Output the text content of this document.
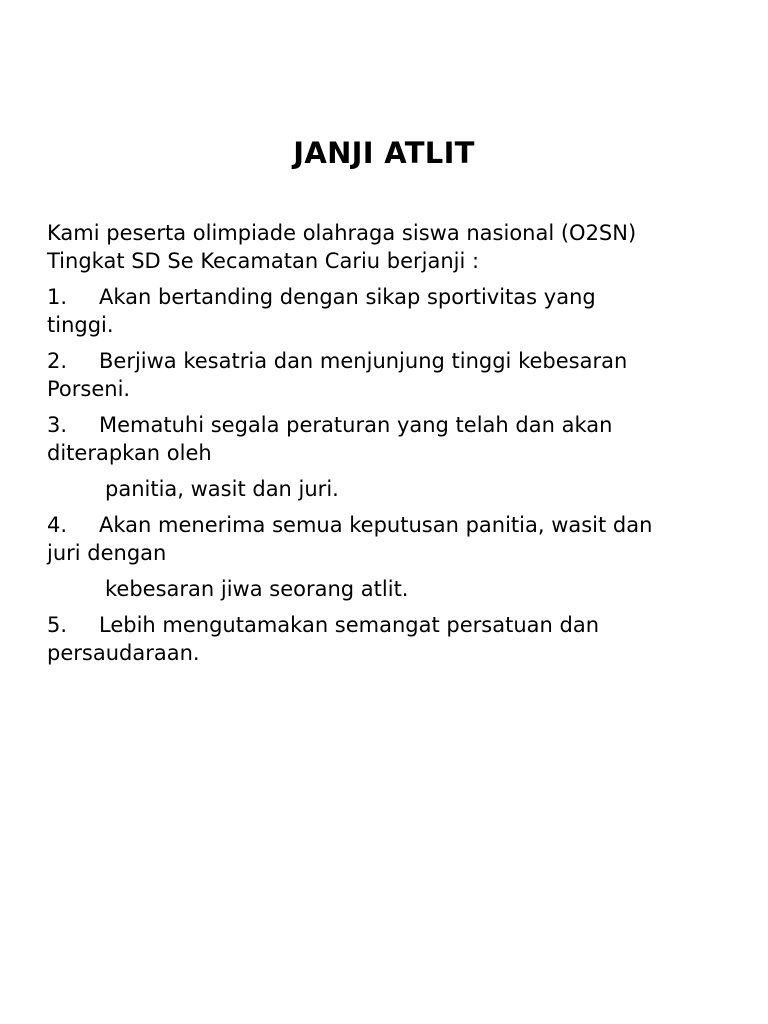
JANJI ATLIT
Kami peserta olimpiade olahraga siswa nasional (O2SN)
Tingkat SD Se Kecamatan Cariu berjanji :
1. Akan bertanding dengan sikap sportivitas yang
tinggi.
2. Berjiwa kesatria dan menjunjung tinggi kebesaran
Porseni.
3. Mematuhi segala peraturan yang telah dan akan
diterapkan oleh
panitia, wasit dan juri.
4. Akan menerima semua keputusan panitia, wasit dan
juri dengan
kebesaran jiwa seorang atlit.
5. Lebih mengutamakan semangat persatuan dan
persaudaraan.
